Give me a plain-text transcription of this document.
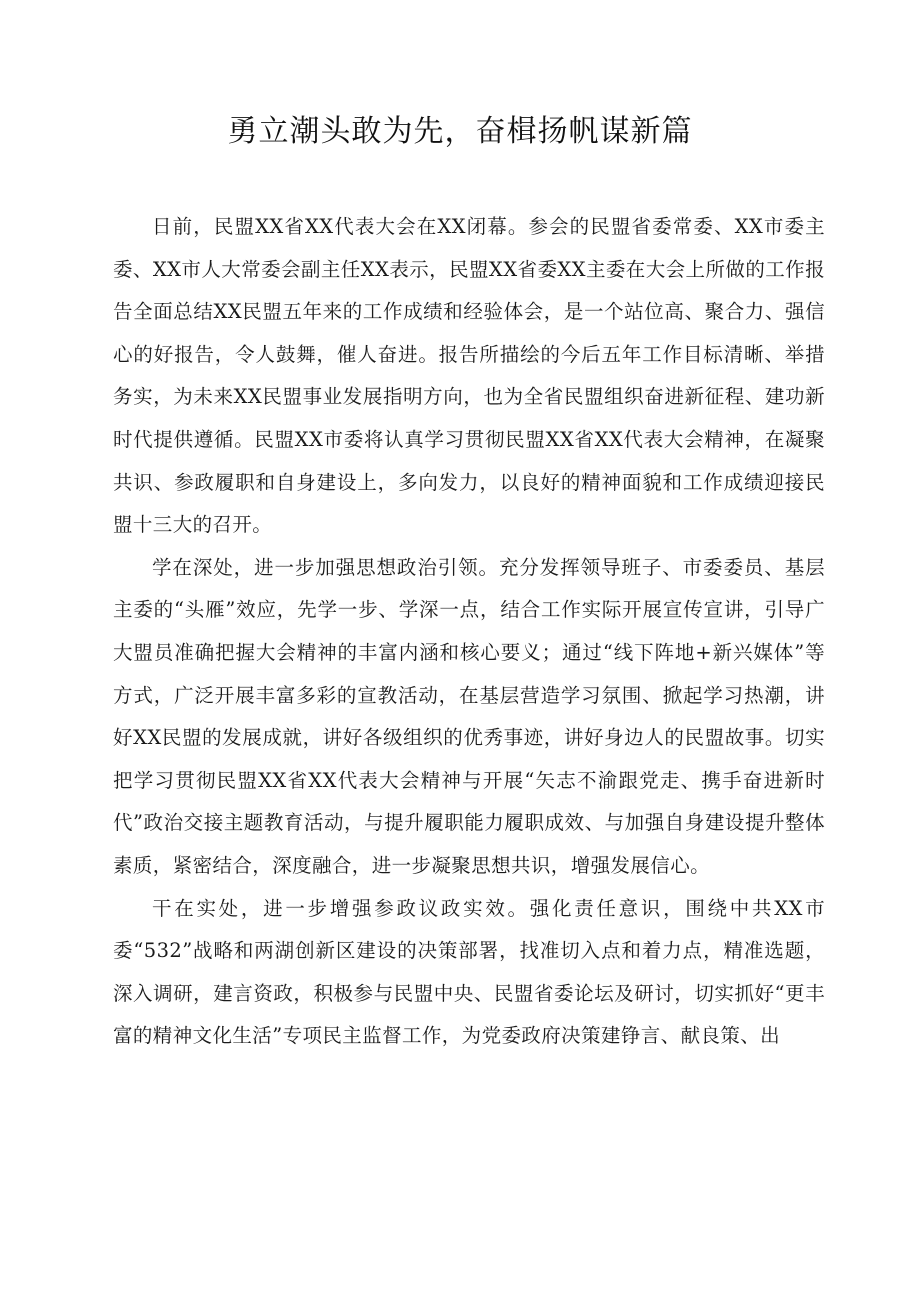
勇立潮头敢为先，奋楫扬帆谋新篇

日前，民盟XX省XX代表大会在XX闭幕。参会的民盟省委常委、XX市委主委、XX市人大常委会副主任XX表示，民盟XX省委XX主委在大会上所做的工作报告全面总结XX民盟五年来的工作成绩和经验体会，是一个站位高、聚合力、强信心的好报告，令人鼓舞，催人奋进。报告所描绘的今后五年工作目标清晰、举措务实，为未来XX民盟事业发展指明方向，也为全省民盟组织奋进新征程、建功新时代提供遵循。民盟XX市委将认真学习贯彻民盟XX省XX代表大会精神，在凝聚共识、参政履职和自身建设上，多向发力，以良好的精神面貌和工作成绩迎接民盟十三大的召开。

学在深处，进一步加强思想政治引领。充分发挥领导班子、市委委员、基层主委的“头雁”效应，先学一步、学深一点，结合工作实际开展宣传宣讲，引导广大盟员准确把握大会精神的丰富内涵和核心要义；通过“线下阵地+新兴媒体”等方式，广泛开展丰富多彩的宣教活动，在基层营造学习氛围、掀起学习热潮，讲好XX民盟的发展成就，讲好各级组织的优秀事迹，讲好身边人的民盟故事。切实把学习贯彻民盟XX省XX代表大会精神与开展“矢志不渝跟党走、携手奋进新时代”政治交接主题教育活动，与提升履职能力履职成效、与加强自身建设提升整体素质，紧密结合，深度融合，进一步凝聚思想共识，增强发展信心。

干在实处，进一步增强参政议政实效。强化责任意识，围绕中共XX市委“532”战略和两湖创新区建设的决策部署，找准切入点和着力点，精准选题，深入调研，建言资政，积极参与民盟中央、民盟省委论坛及研讨，切实抓好“更丰富的精神文化生活”专项民主监督工作，为党委政府决策建铮言、献良策、出
